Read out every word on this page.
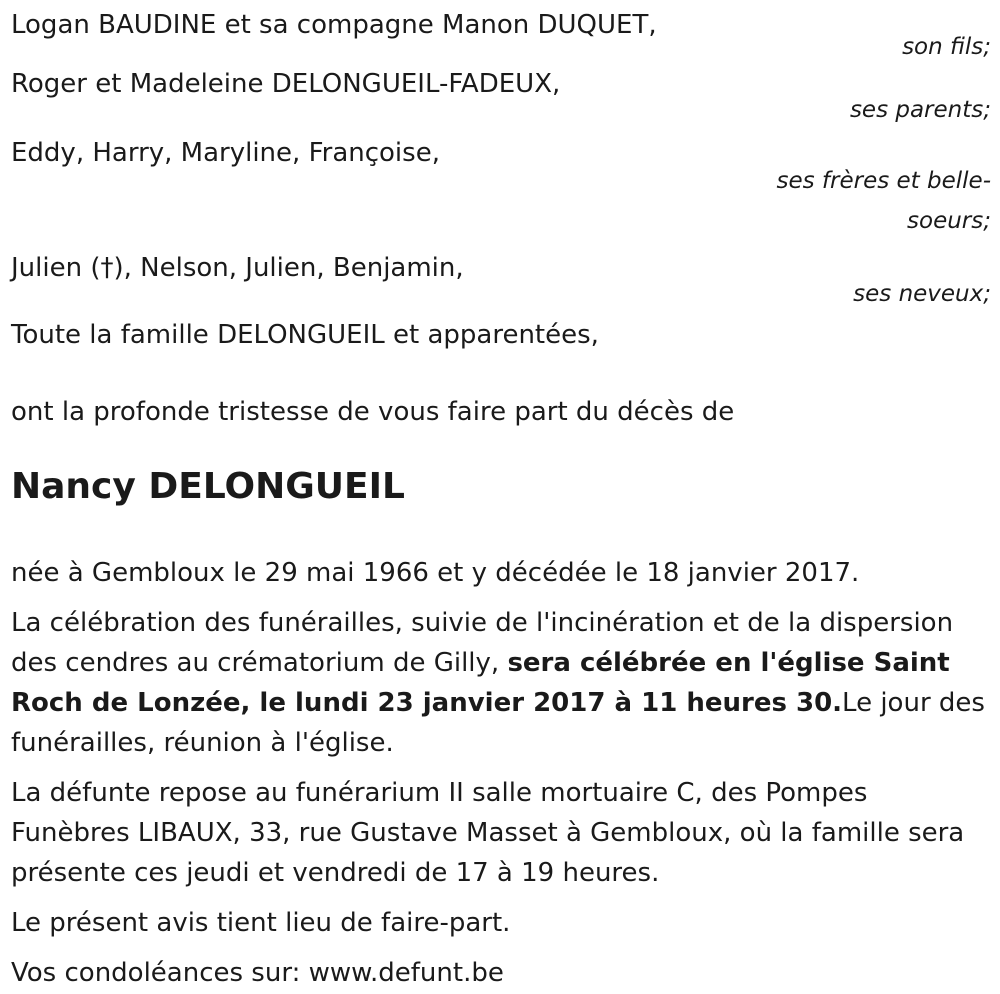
Logan BAUDINE et sa compagne Manon DUQUET,
son fils;
Roger et Madeleine DELONGUEIL-FADEUX,
ses parents;
Eddy, Harry, Maryline, Françoise,
ses frères et belle-
soeurs;
Julien (†), Nelson, Julien, Benjamin,
ses neveux;
Toute la famille DELONGUEIL et apparentées,
ont la profonde tristesse de vous faire part du décès de
Nancy DELONGUEIL
née à Gembloux le 29 mai 1966 et y décédée le 18 janvier 2017.
La célébration des funérailles, suivie de l'incinération et de la dispersion des cendres au crématorium de Gilly, sera célébrée en l'église Saint Roch de Lonzée, le lundi 23 janvier 2017 à 11 heures 30.Le jour des funérailles, réunion à l'église.
La défunte repose au funérarium II salle mortuaire C, des Pompes Funèbres LIBAUX, 33, rue Gustave Masset à Gembloux, où la famille sera présente ces jeudi et vendredi de 17 à 19 heures.
Le présent avis tient lieu de faire-part.
Vos condoléances sur: www.defunt.be
